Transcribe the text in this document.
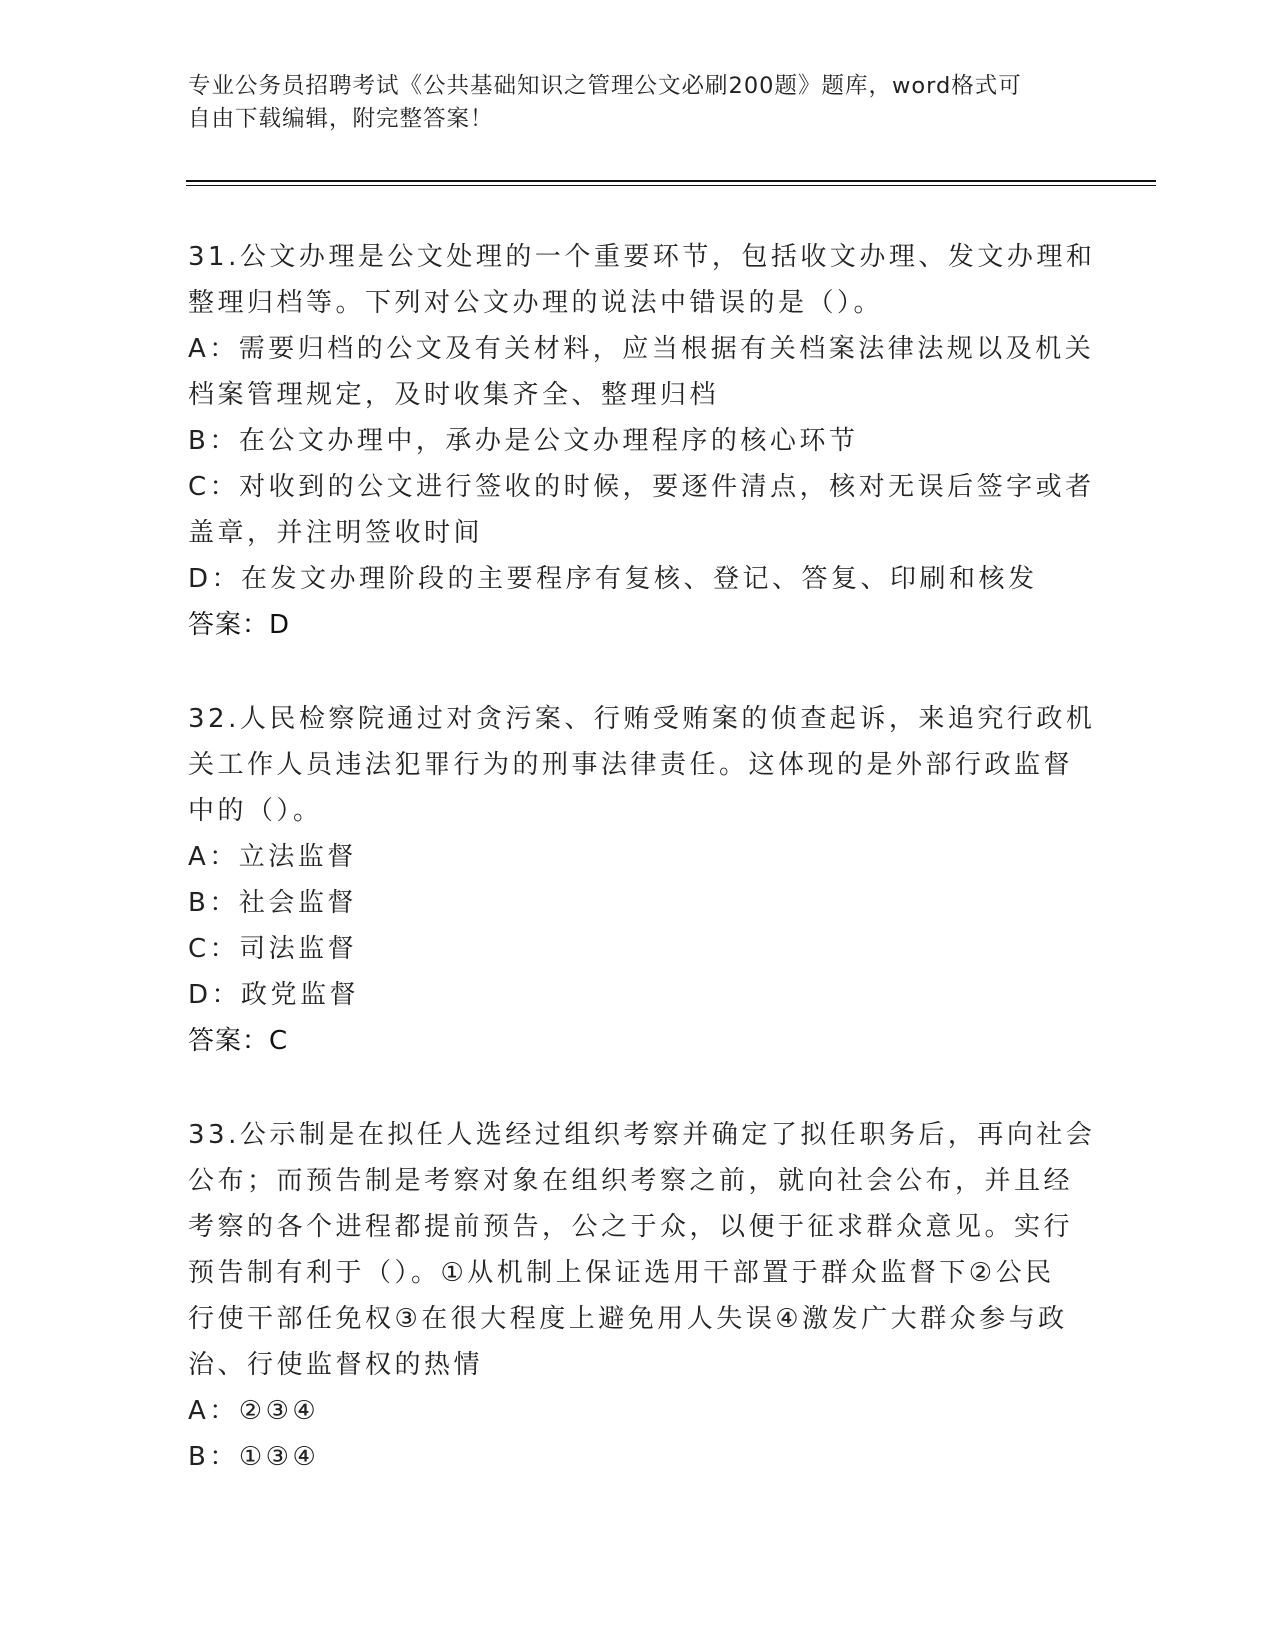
专业公务员招聘考试《公共基础知识之管理公文必刷200题》题库，word格式可

自由下载编辑，附完整答案！

31.公文办理是公文处理的一个重要环节，包括收文办理、发文办理和
整理归档等。下列对公文办理的说法中错误的是（）。
A：需要归档的公文及有关材料，应当根据有关档案法律法规以及机关
档案管理规定，及时收集齐全、整理归档
B：在公文办理中，承办是公文办理程序的核心环节
C：对收到的公文进行签收的时候，要逐件清点，核对无误后签字或者
盖章，并注明签收时间
D：在发文办理阶段的主要程序有复核、登记、答复、印刷和核发
答案：D
32.人民检察院通过对贪污案、行贿受贿案的侦查起诉，来追究行政机
关工作人员违法犯罪行为的刑事法律责任。这体现的是外部行政监督
中的（）。
A：立法监督
B：社会监督
C：司法监督
D：政党监督
答案：C
33.公示制是在拟任人选经过组织考察并确定了拟任职务后，再向社会
公布；而预告制是考察对象在组织考察之前，就向社会公布，并且经
考察的各个进程都提前预告，公之于众，以便于征求群众意见。实行
预告制有利于（）。①从机制上保证选用干部置于群众监督下②公民
行使干部任免权③在很大程度上避免用人失误④激发广大群众参与政
治、行使监督权的热情
A：②③④
B：①③④
